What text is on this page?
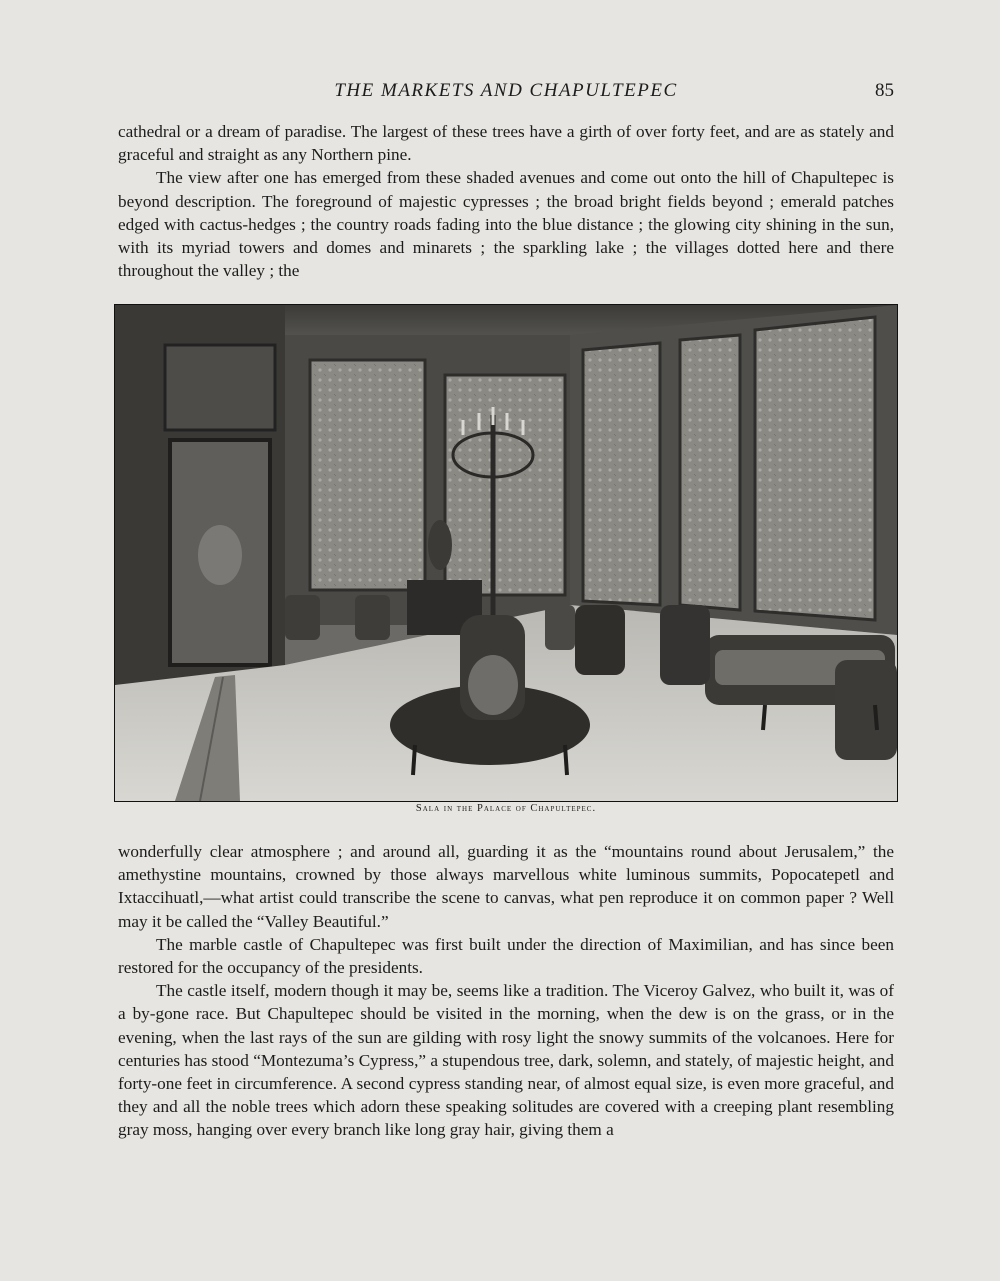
THE MARKETS AND CHAPULTEPEC	85

cathedral or a dream of paradise. The largest of these trees have a girth of over forty feet, and are as stately and graceful and straight as any Northern pine.

The view after one has emerged from these shaded avenues and come out onto the hill of Chapultepec is beyond description. The foreground of majestic cypresses ; the broad bright fields beyond ; emerald patches edged with cactus-hedges ; the country roads fading into the blue distance ; the glowing city shining in the sun, with its myriad towers and domes and minarets ; the sparkling lake ; the villages dotted here and there throughout the valley ; the

Sala in the Palace of Chapultepec.

wonderfully clear atmosphere ; and around all, guarding it as the “mountains round about Jerusalem,” the amethystine mountains, crowned by those always marvellous white luminous summits, Popocatepetl and Ixtaccihuatl,—what artist could transcribe the scene to canvas, what pen reproduce it on common paper ? Well may it be called the “Valley Beautiful.”

The marble castle of Chapultepec was first built under the direction of Maximilian, and has since been restored for the occupancy of the presidents.

The castle itself, modern though it may be, seems like a tradition. The Viceroy Galvez, who built it, was of a by-gone race. But Chapultepec should be visited in the morning, when the dew is on the grass, or in the evening, when the last rays of the sun are gilding with rosy light the snowy summits of the volcanoes. Here for centuries has stood “Montezuma’s Cypress,” a stupendous tree, dark, solemn, and stately, of majestic height, and forty-one feet in circumference. A second cypress standing near, of almost equal size, is even more graceful, and they and all the noble trees which adorn these speaking solitudes are covered with a creeping plant resembling gray moss, hanging over every branch like long gray hair, giving them a
